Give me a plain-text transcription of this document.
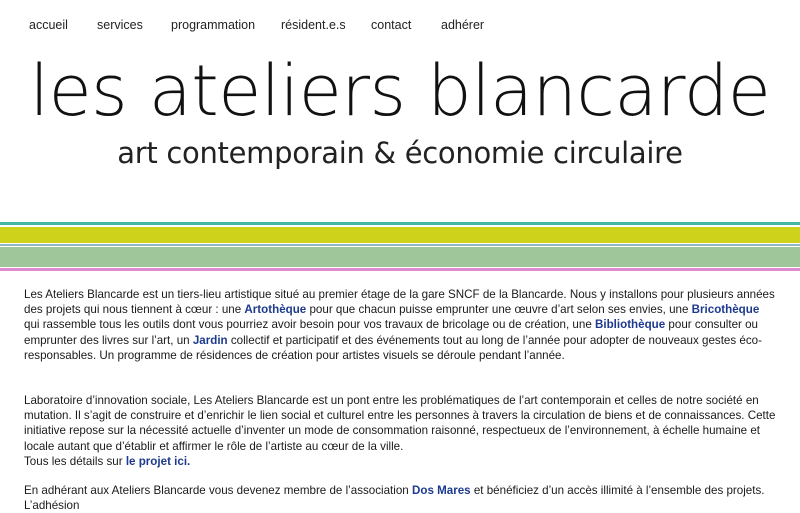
accueil services programmation résident.e.s contact adhérer
les ateliers blancarde
art contemporain & économie circulaire

Les Ateliers Blancarde est un tiers-lieu artistique situé au premier étage de la gare SNCF de la Blancarde. Nous y installons pour plusieurs années des projets qui nous tiennent à cœur : une Artothèque pour que chacun puisse emprunter une œuvre d’art selon ses envies, une Bricothèque qui rassemble tous les outils dont vous pourriez avoir besoin pour vos travaux de bricolage ou de création, une Bibliothèque pour consulter ou emprunter des livres sur l’art, un Jardin collectif et participatif et des événements tout au long de l’année pour adopter de nouveaux gestes éco-responsables. Un programme de résidences de création pour artistes visuels se déroule pendant l’année.

Laboratoire d’innovation sociale, Les Ateliers Blancarde est un pont entre les problématiques de l’art contemporain et celles de notre société en mutation. Il s’agit de construire et d’enrichir le lien social et culturel entre les personnes à travers la circulation de biens et de connaissances. Cette initiative repose sur la nécessité actuelle d’inventer un mode de consommation raisonné, respectueux de l’environnement, à échelle humaine et locale autant que d’établir et affirmer le rôle de l’artiste au cœur de la ville.

Tous les détails sur le projet ici.

En adhérant aux Ateliers Blancarde vous devenez membre de l’association Dos Mares et bénéficiez d’un accès illimité à l’ensemble des projets. L’adhésion
